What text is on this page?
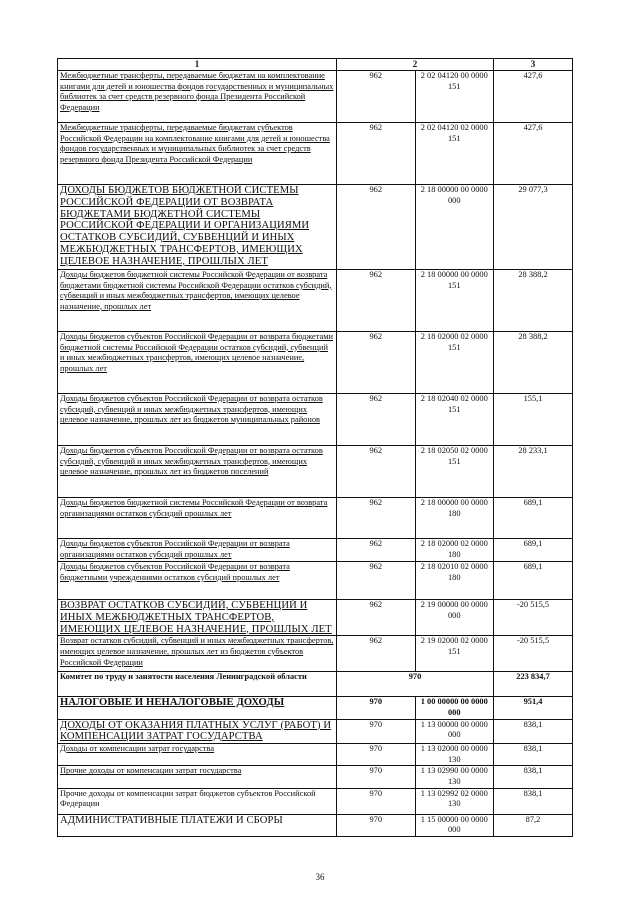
1	2		3

Межбюджетные трансферты, передаваемые бюджетам на комплектование книгами для детей и юношества фондов государственных и муниципальных библиотек за счет средств резервного фонда Президента Российской Федерации	962	2 02 04120 00 0000 151	427,6

Межбюджетные трансферты, передаваемые бюджетам субъектов Российской Федерации на комплектование книгами для детей и юношества фондов государственных и муниципальных библиотек за счет средств резервного фонда Президента Российской Федерации	962	2 02 04120 02 0000 151	427,6

ДОХОДЫ БЮДЖЕТОВ БЮДЖЕТНОЙ СИСТЕМЫ РОССИЙСКОЙ ФЕДЕРАЦИИ ОТ ВОЗВРАТА БЮДЖЕТАМИ БЮДЖЕТНОЙ СИСТЕМЫ РОССИЙСКОЙ ФЕДЕРАЦИИ И ОРГАНИЗАЦИЯМИ ОСТАТКОВ СУБСИДИЙ, СУБВЕНЦИЙ И ИНЫХ МЕЖБЮДЖЕТНЫХ ТРАНСФЕРТОВ, ИМЕЮЩИХ ЦЕЛЕВОЕ НАЗНАЧЕНИЕ, ПРОШЛЫХ ЛЕТ	962	2 18 00000 00 0000 000	29 077,3

Доходы бюджетов бюджетной системы Российской Федерации от возврата бюджетами бюджетной системы Российской Федерации остатков субсидий, субвенций и иных межбюджетных трансфертов, имеющих целевое назначение, прошлых лет	962	2 18 00000 00 0000 151	28 388,2

Доходы бюджетов субъектов Российской Федерации от возврата бюджетами бюджетной системы Российской Федерации остатков субсидий, субвенций и иных межбюджетных трансфертов, имеющих целевое назначение, прошлых лет	962	2 18 02000 02 0000 151	28 388,2

Доходы бюджетов субъектов Российской Федерации от возврата остатков субсидий, субвенций и иных межбюджетных трансфертов, имеющих целевое назначение, прошлых лет из бюджетов муниципальных районов	962	2 18 02040 02 0000 151	155,1

Доходы бюджетов субъектов Российской Федерации от возврата остатков субсидий, субвенций и иных межбюджетных трансфертов, имеющих целевое назначение, прошлых лет из бюджетов поселений	962	2 18 02050 02 0000 151	28 233,1

Доходы бюджетов бюджетной системы Российской Федерации от возврата организациями остатков субсидий прошлых лет	962	2 18 00000 00 0000 180	689,1

Доходы бюджетов субъектов Российской Федерации от возврата организациями остатков субсидий прошлых лет	962	2 18 02000 02 0000 180	689,1

Доходы бюджетов субъектов Российской Федерации от возврата бюджетными учреждениями остатков субсидий прошлых лет	962	2 18 02010 02 0000 180	689,1

ВОЗВРАТ ОСТАТКОВ СУБСИДИЙ, СУБВЕНЦИЙ И ИНЫХ МЕЖБЮДЖЕТНЫХ ТРАНСФЕРТОВ, ИМЕЮЩИХ ЦЕЛЕВОЕ НАЗНАЧЕНИЕ, ПРОШЛЫХ ЛЕТ	962	2 19 00000 00 0000 000	-20 515,5

Возврат остатков субсидий, субвенций и иных межбюджетных трансфертов, имеющих целевое назначение, прошлых лет из бюджетов субъектов Российской Федерации	962	2 19 02000 02 0000 151	-20 515,5

Комитет по труду и занятости населения Ленинградской области	970		223 834,7

НАЛОГОВЫЕ И НЕНАЛОГОВЫЕ ДОХОДЫ	970	1 00 00000 00 0000 000	951,4

ДОХОДЫ ОТ ОКАЗАНИЯ ПЛАТНЫХ УСЛУГ (РАБОТ) И КОМПЕНСАЦИИ ЗАТРАТ ГОСУДАРСТВА	970	1 13 00000 00 0000 000	838,1

Доходы от компенсации затрат государства	970	1 13 02000 00 0000 130	838,1

Прочие доходы от компенсации затрат государства	970	1 13 02990 00 0000 130	838,1

Прочие доходы от компенсации затрат бюджетов субъектов Российской Федерации	970	1 13 02992 02 0000 130	838,1

АДМИНИСТРАТИВНЫЕ ПЛАТЕЖИ И СБОРЫ	970	1 15 00000 00 0000 000	87,2
36
